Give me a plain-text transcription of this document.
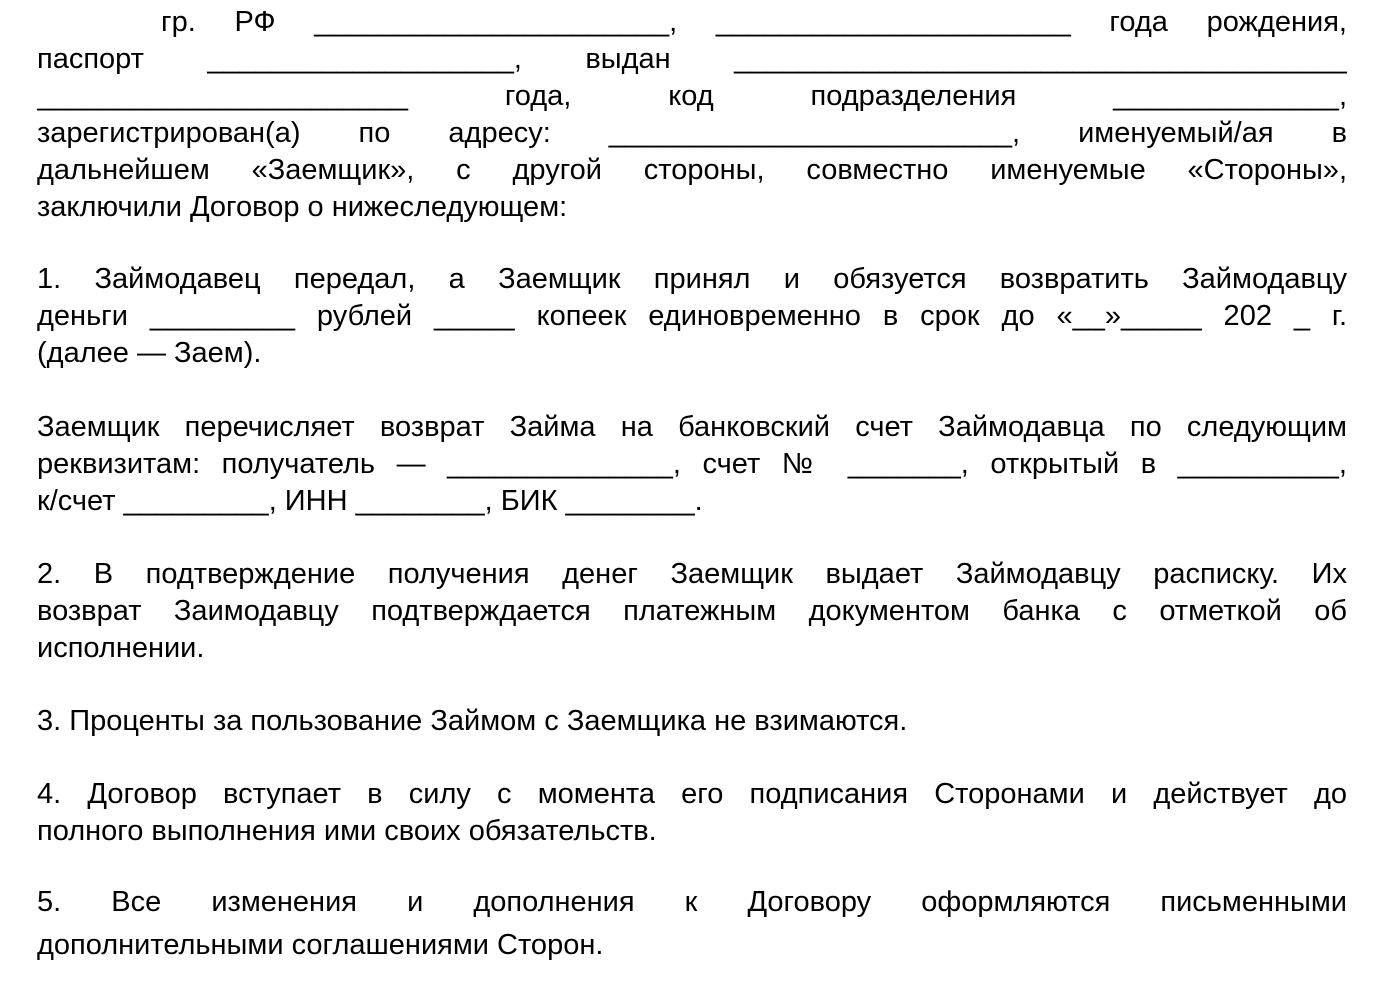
гр. РФ ______________________, ______________________ года рождения,
паспорт ___________________, выдан ______________________________________
_______________________ года, код подразделения ______________,
зарегистрирован(а) по адресу: _________________________, именуемый/ая в
дальнейшем «Заемщик», с другой стороны, совместно именуемые «Стороны»,
заключили Договор о нижеследующем:
1. Займодавец передал, а Заемщик принял и обязуется возвратить Займодавцу
деньги _________ рублей _____ копеек единовременно в срок до «__»_____ 202 _ г.
(далее — Заем).
Заемщик перечисляет возврат Займа на банковский счет Займодавца по следующим
реквизитам: получатель — ______________, счет № _______, открытый в __________,
к/счет _________, ИНН ________, БИК ________.
2. В подтверждение получения денег Заемщик выдает Займодавцу расписку. Их
возврат Заимодавцу подтверждается платежным документом банка с отметкой об
исполнении.
3. Проценты за пользование Займом с Заемщика не взимаются.
4. Договор вступает в силу с момента его подписания Сторонами и действует до
полного выполнения ими своих обязательств.
5. Все изменения и дополнения к Договору оформляются письменными
дополнительными соглашениями Сторон.
